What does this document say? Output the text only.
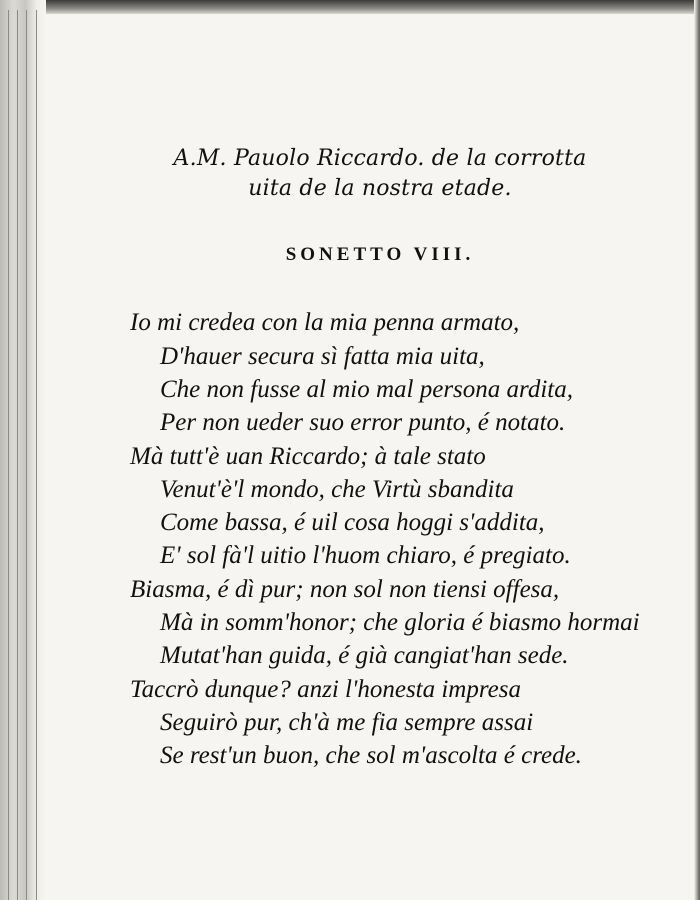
A.M. Pauolo Riccardo. de la corrotta
uita de la nostra etade.
SONETTO VIII.
Io mi credea con la mia penna armato,
D'hauer secura sì fatta mia uita,
Che non fusse al mio mal persona ardita,
Per non ueder suo error punto, é notato.
Mà tutt'è uan Riccardo; à tale stato
Venut'è'l mondo, che Virtù sbandita
Come bassa, é uil cosa hoggi s'addita,
E' sol fà'l uitio l'huom chiaro, é pregiato.
Biasma, é dì pur; non sol non tiensi offesa,
Mà in somm'honor; che gloria é biasmo hormai
Mutat'han guida, é già cangiat'han sede.
Taccrò dunque? anzi l'honesta impresa
Seguirò pur, ch'à me fia sempre assai
Se rest'un buon, che sol m'ascolta é crede.
